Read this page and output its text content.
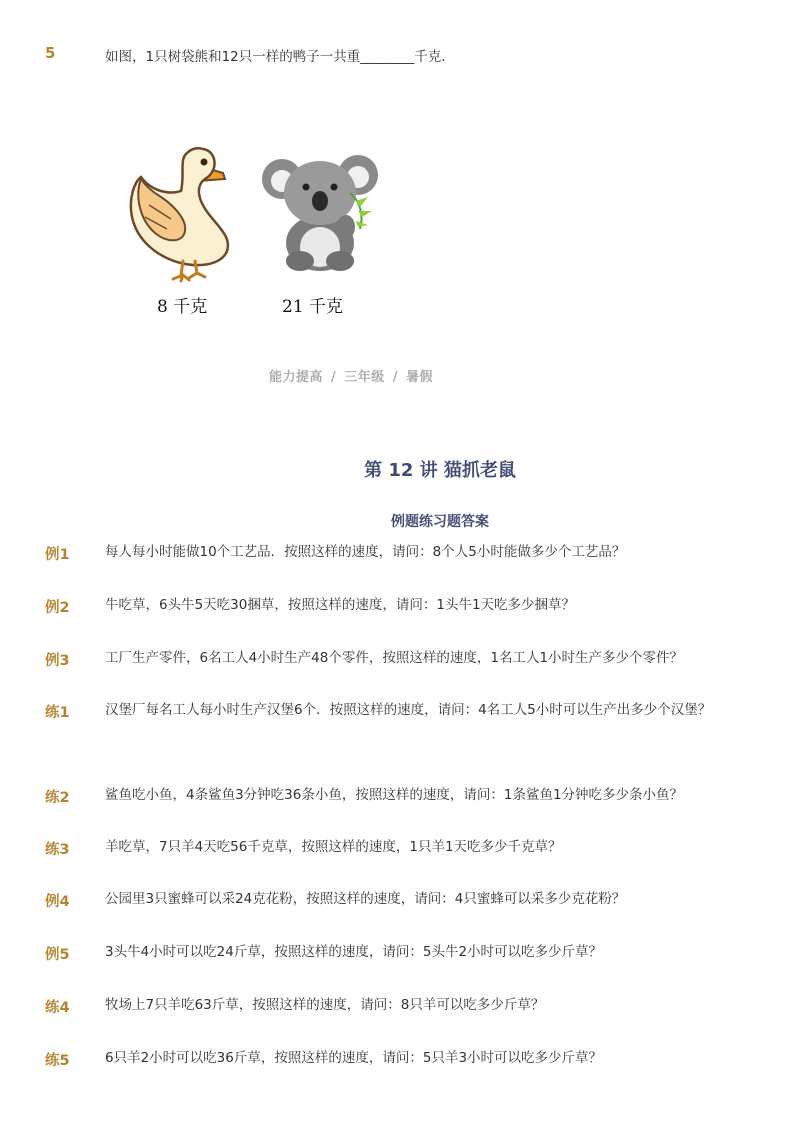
5	如图，1只树袋熊和12只一样的鸭子一共重________千克．
8 千克	21 千克
能力提高 / 三年级 / 暑假
第 12 讲 猫抓老鼠
例题练习题答案
例1	每人每小时能做10个工艺品．按照这样的速度，请问：8个人5小时能做多少个工艺品？
例2	牛吃草，6头牛5天吃30捆草，按照这样的速度，请问：1头牛1天吃多少捆草？
例3	工厂生产零件，6名工人4小时生产48个零件，按照这样的速度，1名工人1小时生产多少个零件？
练1	汉堡厂每名工人每小时生产汉堡6个．按照这样的速度，请问：4名工人5小时可以生产出多少个汉堡？
练2	鲨鱼吃小鱼，4条鲨鱼3分钟吃36条小鱼，按照这样的速度，请问：1条鲨鱼1分钟吃多少条小鱼？
练3	羊吃草，7只羊4天吃56千克草，按照这样的速度，1只羊1天吃多少千克草？
例4	公园里3只蜜蜂可以采24克花粉，按照这样的速度，请问：4只蜜蜂可以采多少克花粉？
例5	3头牛4小时可以吃24斤草，按照这样的速度，请问：5头牛2小时可以吃多少斤草？
练4	牧场上7只羊吃63斤草，按照这样的速度，请问：8只羊可以吃多少斤草？
练5	6只羊2小时可以吃36斤草，按照这样的速度，请问：5只羊3小时可以吃多少斤草？
